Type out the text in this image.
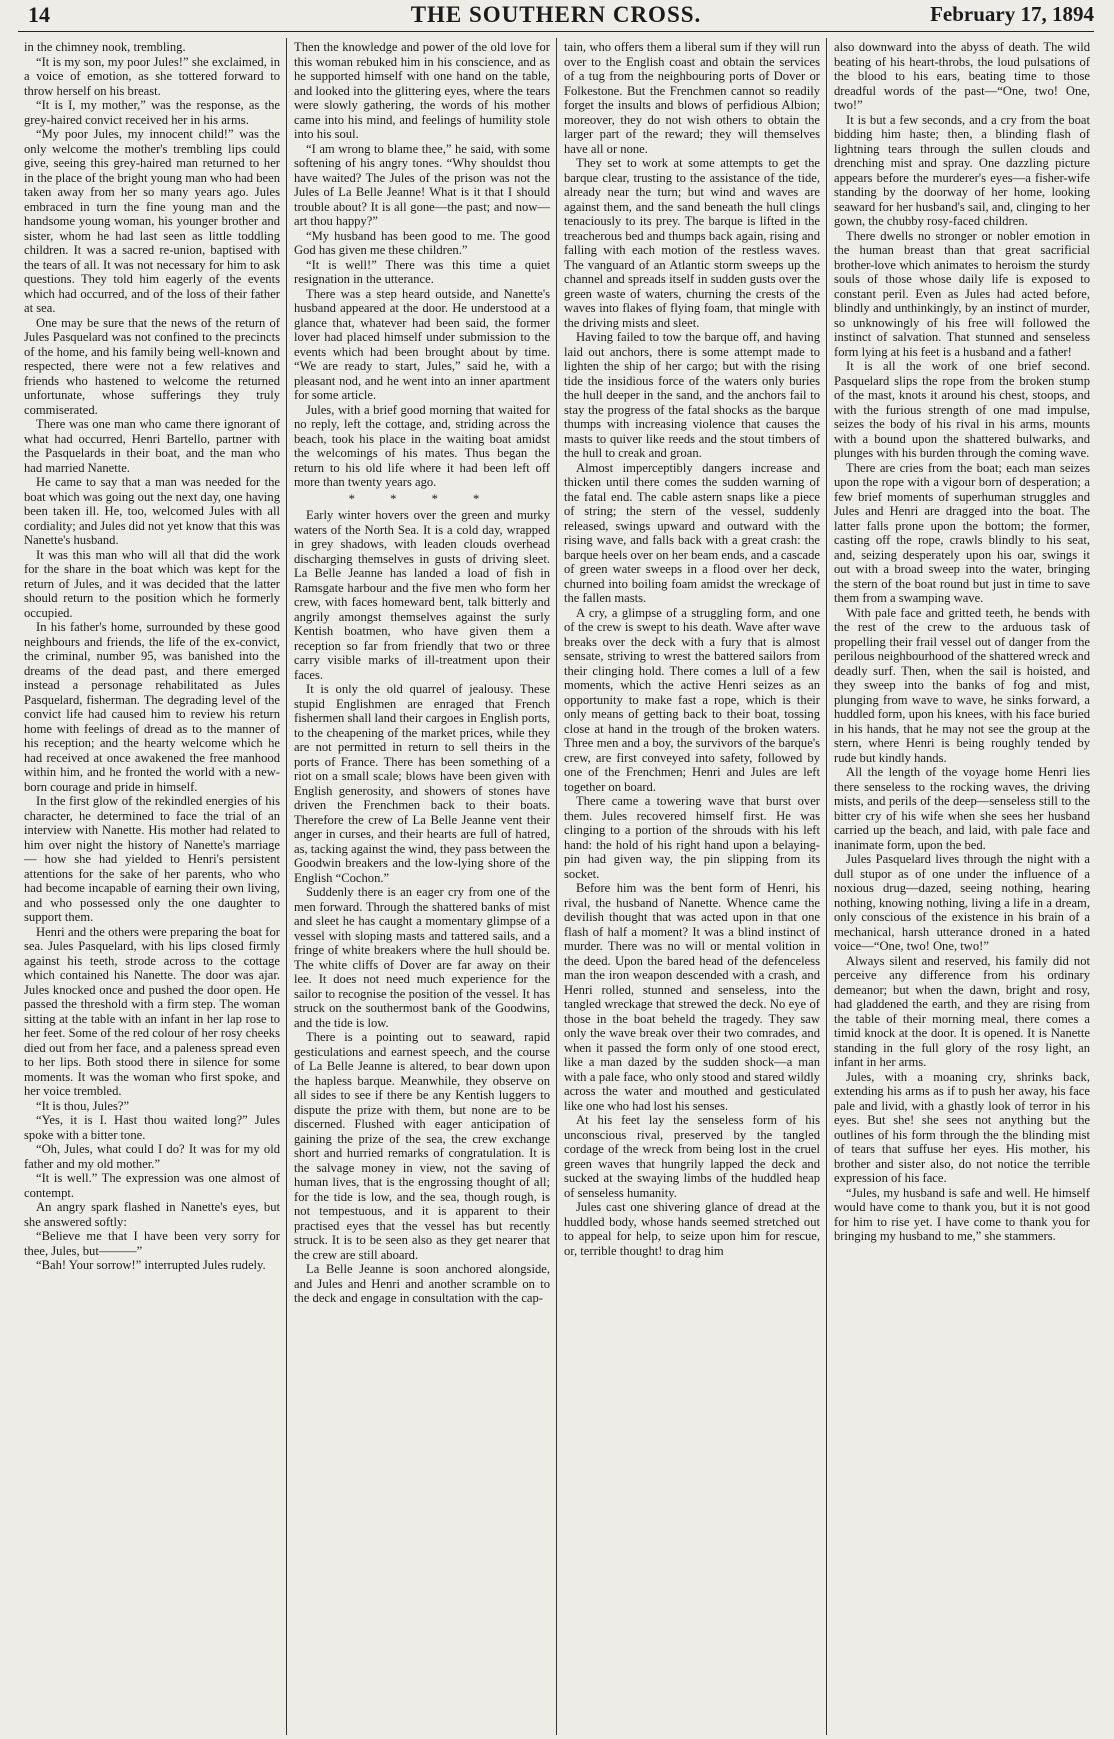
14	THE SOUTHERN CROSS.	February 17, 1894

in the chimney nook, trembling.

“It is my son, my poor Jules!” she exclaimed, in a voice of emotion, as she tottered forward to throw herself on his breast.

“It is I, my mother,” was the response, as the grey-haired convict received her in his arms.

“My poor Jules, my innocent child!” was the only welcome the mother's trembling lips could give, seeing this grey-haired man returned to her in the place of the bright young man who had been taken away from her so many years ago. Jules embraced in turn the fine young man and the handsome young woman, his younger brother and sister, whom he had last seen as little toddling children. It was a sacred re-union, baptised with the tears of all. It was not necessary for him to ask questions. They told him eagerly of the events which had occurred, and of the loss of their father at sea.

One may be sure that the news of the return of Jules Pasquelard was not confined to the precincts of the home, and his family being well-known and respected, there were not a few relatives and friends who hastened to welcome the returned unfortunate, whose sufferings they truly commiserated.

There was one man who came there ignorant of what had occurred, Henri Bartello, partner with the Pasquelards in their boat, and the man who had married Nanette.

He came to say that a man was needed for the boat which was going out the next day, one having been taken ill. He, too, welcomed Jules with all cordiality; and Jules did not yet know that this was Nanette's husband.

It was this man who will all that did the work for the share in the boat which was kept for the return of Jules, and it was decided that the latter should return to the position which he formerly occupied.

In his father's home, surrounded by these good neighbours and friends, the life of the ex-convict, the criminal, number 95, was banished into the dreams of the dead past, and there emerged instead a personage rehabilitated as Jules Pasquelard, fisherman. The degrading level of the convict life had caused him to review his return home with feelings of dread as to the manner of his reception; and the hearty welcome which he had received at once awakened the free manhood within him, and he fronted the world with a new-born courage and pride in himself.

In the first glow of the rekindled energies of his character, he determined to face the trial of an interview with Nanette. His mother had related to him over night the history of Nanette's marriage — how she had yielded to Henri's persistent attentions for the sake of her parents, who who had become incapable of earning their own living, and who possessed only the one daughter to support them.

Henri and the others were preparing the boat for sea. Jules Pasquelard, with his lips closed firmly against his teeth, strode across to the cottage which contained his Nanette. The door was ajar. Jules knocked once and pushed the door open. He passed the threshold with a firm step. The woman sitting at the table with an infant in her lap rose to her feet. Some of the red colour of her rosy cheeks died out from her face, and a paleness spread even to her lips. Both stood there in silence for some moments. It was the woman who first spoke, and her voice trembled.

“It is thou, Jules?”

“Yes, it is I. Hast thou waited long?” Jules spoke with a bitter tone.

“Oh, Jules, what could I do? It was for my old father and my old mother.”

“It is well.” The expression was one almost of contempt.

An angry spark flashed in Nanette's eyes, but she answered softly:

“Believe me that I have been very sorry for thee, Jules, but———”

“Bah! Your sorrow!” interrupted Jules rudely.

Then the knowledge and power of the old love for this woman rebuked him in his conscience, and as he supported himself with one hand on the table, and looked into the glittering eyes, where the tears were slowly gathering, the words of his mother came into his mind, and feelings of humility stole into his soul.

“I am wrong to blame thee,” he said, with some softening of his angry tones. “Why shouldst thou have waited? The Jules of the prison was not the Jules of La Belle Jeanne! What is it that I should trouble about? It is all gone—the past; and now—art thou happy?”

“My husband has been good to me. The good God has given me these children.”

“It is well!” There was this time a quiet resignation in the utterance.

There was a step heard outside, and Nanette's husband appeared at the door. He understood at a glance that, whatever had been said, the former lover had placed himself under submission to the events which had been brought about by time. “We are ready to start, Jules,” said he, with a pleasant nod, and he went into an inner apartment for some article.

Jules, with a brief good morning that waited for no reply, left the cottage, and, striding across the beach, took his place in the waiting boat amidst the welcomings of his mates. Thus began the return to his old life where it had been left off more than twenty years ago.

* * * *

Early winter hovers over the green and murky waters of the North Sea. It is a cold day, wrapped in grey shadows, with leaden clouds overhead discharging themselves in gusts of driving sleet. La Belle Jeanne has landed a load of fish in Ramsgate harbour and the five men who form her crew, with faces homeward bent, talk bitterly and angrily amongst themselves against the surly Kentish boatmen, who have given them a reception so far from friendly that two or three carry visible marks of ill-treatment upon their faces.

It is only the old quarrel of jealousy. These stupid Englishmen are enraged that French fishermen shall land their cargoes in English ports, to the cheapening of the market prices, while they are not permitted in return to sell theirs in the ports of France. There has been something of a riot on a small scale; blows have been given with English generosity, and showers of stones have driven the Frenchmen back to their boats. Therefore the crew of La Belle Jeanne vent their anger in curses, and their hearts are full of hatred, as, tacking against the wind, they pass between the Goodwin breakers and the low-lying shore of the English “Cochon.”

Suddenly there is an eager cry from one of the men forward. Through the shattered banks of mist and sleet he has caught a momentary glimpse of a vessel with sloping masts and tattered sails, and a fringe of white breakers where the hull should be. The white cliffs of Dover are far away on their lee. It does not need much experience for the sailor to recognise the position of the vessel. It has struck on the southermost bank of the Goodwins, and the tide is low.

There is a pointing out to seaward, rapid gesticulations and earnest speech, and the course of La Belle Jeanne is altered, to bear down upon the hapless barque. Meanwhile, they observe on all sides to see if there be any Kentish luggers to dispute the prize with them, but none are to be discerned. Flushed with eager anticipation of gaining the prize of the sea, the crew exchange short and hurried remarks of congratulation. It is the salvage money in view, not the saving of human lives, that is the engrossing thought of all; for the tide is low, and the sea, though rough, is not tempestuous, and it is apparent to their practised eyes that the vessel has but recently struck. It is to be seen also as they get nearer that the crew are still aboard.

La Belle Jeanne is soon anchored alongside, and Jules and Henri and another scramble on to the deck and engage in consultation with the cap-

tain, who offers them a liberal sum if they will run over to the English coast and obtain the services of a tug from the neighbouring ports of Dover or Folkestone. But the Frenchmen cannot so readily forget the insults and blows of perfidious Albion; moreover, they do not wish others to obtain the larger part of the reward; they will themselves have all or none.

They set to work at some attempts to get the barque clear, trusting to the assistance of the tide, already near the turn; but wind and waves are against them, and the sand beneath the hull clings tenaciously to its prey. The barque is lifted in the treacherous bed and thumps back again, rising and falling with each motion of the restless waves. The vanguard of an Atlantic storm sweeps up the channel and spreads itself in sudden gusts over the green waste of waters, churning the crests of the waves into flakes of flying foam, that mingle with the driving mists and sleet.

Having failed to tow the barque off, and having laid out anchors, there is some attempt made to lighten the ship of her cargo; but with the rising tide the insidious force of the waters only buries the hull deeper in the sand, and the anchors fail to stay the progress of the fatal shocks as the barque thumps with increasing violence that causes the masts to quiver like reeds and the stout timbers of the hull to creak and groan.

Almost imperceptibly dangers increase and thicken until there comes the sudden warning of the fatal end. The cable astern snaps like a piece of string; the stern of the vessel, suddenly released, swings upward and outward with the rising wave, and falls back with a great crash: the barque heels over on her beam ends, and a cascade of green water sweeps in a flood over her deck, churned into boiling foam amidst the wreckage of the fallen masts.

A cry, a glimpse of a struggling form, and one of the crew is swept to his death. Wave after wave breaks over the deck with a fury that is almost sensate, striving to wrest the battered sailors from their clinging hold. There comes a lull of a few moments, which the active Henri seizes as an opportunity to make fast a rope, which is their only means of getting back to their boat, tossing close at hand in the trough of the broken waters. Three men and a boy, the survivors of the barque's crew, are first conveyed into safety, followed by one of the Frenchmen; Henri and Jules are left together on board.

There came a towering wave that burst over them. Jules recovered himself first. He was clinging to a portion of the shrouds with his left hand: the hold of his right hand upon a belaying-pin had given way, the pin slipping from its socket.

Before him was the bent form of Henri, his rival, the husband of Nanette. Whence came the devilish thought that was acted upon in that one flash of half a moment? It was a blind instinct of murder. There was no will or mental volition in the deed. Upon the bared head of the defenceless man the iron weapon descended with a crash, and Henri rolled, stunned and senseless, into the tangled wreckage that strewed the deck. No eye of those in the boat beheld the tragedy. They saw only the wave break over their two comrades, and when it passed the form only of one stood erect, like a man dazed by the sudden shock—a man with a pale face, who only stood and stared wildly across the water and mouthed and gesticulated like one who had lost his senses.

At his feet lay the senseless form of his unconscious rival, preserved by the tangled cordage of the wreck from being lost in the cruel green waves that hungrily lapped the deck and sucked at the swaying limbs of the huddled heap of senseless humanity.

Jules cast one shivering glance of dread at the huddled body, whose hands seemed stretched out to appeal for help, to seize upon him for rescue, or, terrible thought! to drag him

also downward into the abyss of death. The wild beating of his heart-throbs, the loud pulsations of the blood to his ears, beating time to those dreadful words of the past—“One, two! One, two!”

It is but a few seconds, and a cry from the boat bidding him haste; then, a blinding flash of lightning tears through the sullen clouds and drenching mist and spray. One dazzling picture appears before the murderer's eyes—a fisher-wife standing by the doorway of her home, looking seaward for her husband's sail, and, clinging to her gown, the chubby rosy-faced children.

There dwells no stronger or nobler emotion in the human breast than that great sacrificial brother-love which animates to heroism the sturdy souls of those whose daily life is exposed to constant peril. Even as Jules had acted before, blindly and unthinkingly, by an instinct of murder, so unknowingly of his free will followed the instinct of salvation. That stunned and senseless form lying at his feet is a husband and a father!

It is all the work of one brief second. Pasquelard slips the rope from the broken stump of the mast, knots it around his chest, stoops, and with the furious strength of one mad impulse, seizes the body of his rival in his arms, mounts with a bound upon the shattered bulwarks, and plunges with his burden through the coming wave.

There are cries from the boat; each man seizes upon the rope with a vigour born of desperation; a few brief moments of superhuman struggles and Jules and Henri are dragged into the boat. The latter falls prone upon the bottom; the former, casting off the rope, crawls blindly to his seat, and, seizing desperately upon his oar, swings it out with a broad sweep into the water, bringing the stern of the boat round but just in time to save them from a swamping wave.

With pale face and gritted teeth, he bends with the rest of the crew to the arduous task of propelling their frail vessel out of danger from the perilous neighbourhood of the shattered wreck and deadly surf. Then, when the sail is hoisted, and they sweep into the banks of fog and mist, plunging from wave to wave, he sinks forward, a huddled form, upon his knees, with his face buried in his hands, that he may not see the group at the stern, where Henri is being roughly tended by rude but kindly hands.

All the length of the voyage home Henri lies there senseless to the rocking waves, the driving mists, and perils of the deep—senseless still to the bitter cry of his wife when she sees her husband carried up the beach, and laid, with pale face and inanimate form, upon the bed.

Jules Pasquelard lives through the night with a dull stupor as of one under the influence of a noxious drug—dazed, seeing nothing, hearing nothing, knowing nothing, living a life in a dream, only conscious of the existence in his brain of a mechanical, harsh utterance droned in a hated voice—“One, two! One, two!”

Always silent and reserved, his family did not perceive any difference from his ordinary demeanor; but when the dawn, bright and rosy, had gladdened the earth, and they are rising from the table of their morning meal, there comes a timid knock at the door. It is opened. It is Nanette standing in the full glory of the rosy light, an infant in her arms.

Jules, with a moaning cry, shrinks back, extending his arms as if to push her away, his face pale and livid, with a ghastly look of terror in his eyes. But she! she sees not anything but the outlines of his form through the the blinding mist of tears that suffuse her eyes. His mother, his brother and sister also, do not notice the terrible expression of his face.

“Jules, my husband is safe and well. He himself would have come to thank you, but it is not good for him to rise yet. I have come to thank you for bringing my husband to me,” she stammers.
